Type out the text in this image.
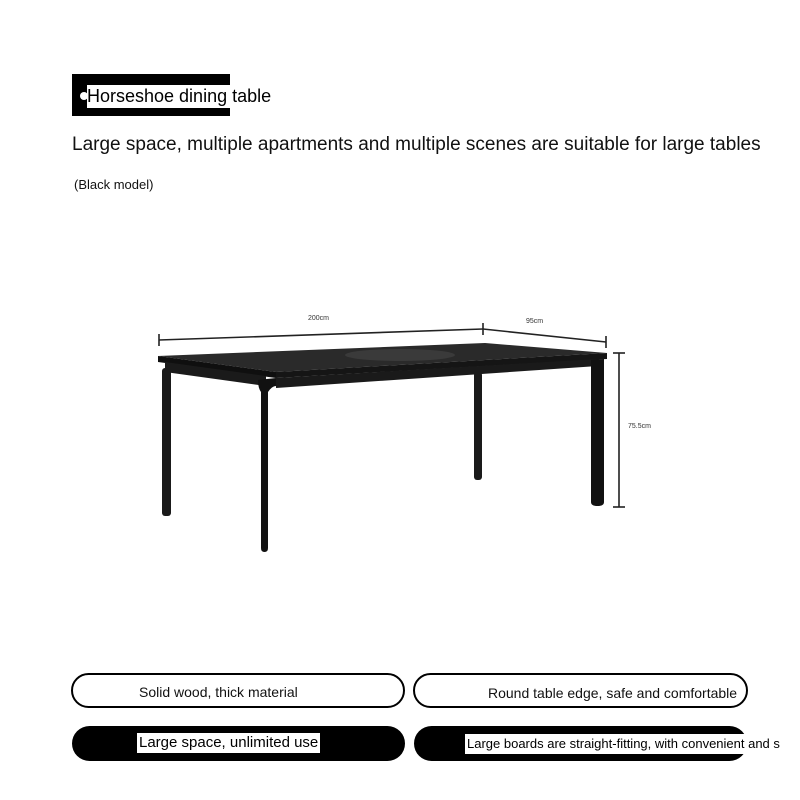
Horseshoe dining table
Large space, multiple apartments and multiple scenes are suitable for large tables
(Black model)
200cm	95cm
75.5cm
Solid wood, thick material	Round table edge, safe and comfortable
Large space, unlimited use	Large boards are straight-fitting, with convenient and s
